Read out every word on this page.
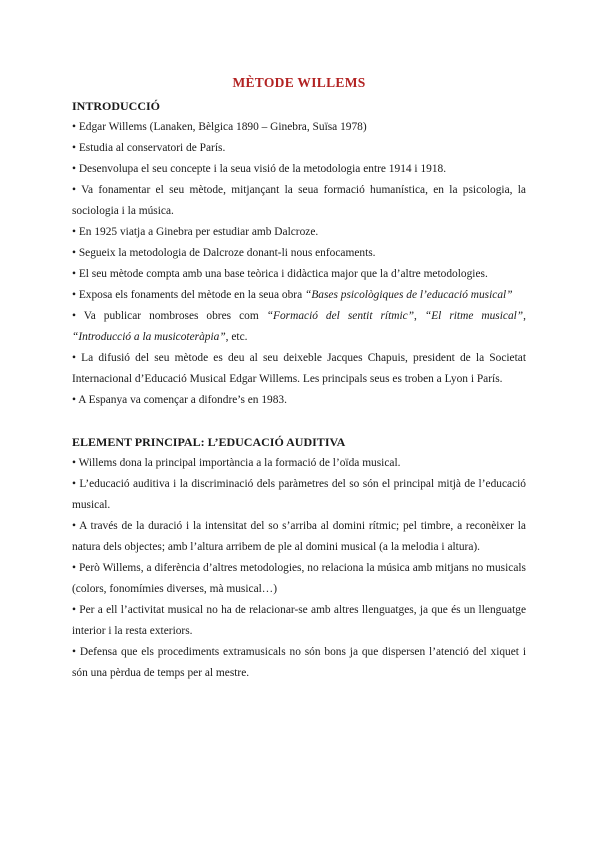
MÈTODE WILLEMS
INTRODUCCIÓ
• Edgar Willems (Lanaken, Bèlgica 1890 – Ginebra, Suïsa 1978)
• Estudia al conservatori de París.
• Desenvolupa el seu concepte i la seua visió de la metodologia entre 1914 i 1918.
• Va fonamentar el seu mètode, mitjançant la seua formació humanística, en la psicologia, la sociologia i la música.
• En 1925 viatja a Ginebra per estudiar amb Dalcroze.
• Segueix la metodologia de Dalcroze donant-li nous enfocaments.
• El seu mètode compta amb una base teòrica i didàctica major que la d’altre metodologies.
• Exposa els fonaments del mètode en la seua obra “Bases psicològiques de l’educació musical”
• Va publicar nombroses obres com “Formació del sentit rítmic”, “El ritme musical”, “Introducció a la musicoteràpia”, etc.
• La difusió del seu mètode es deu al seu deixeble Jacques Chapuis, president de la Societat Internacional d’Educació Musical Edgar Willems. Les principals seus es troben a Lyon i París.
• A Espanya va començar a difondre’s en 1983.
ELEMENT PRINCIPAL: L’EDUCACIÓ AUDITIVA
• Willems dona la principal importància a la formació de l’oïda musical.
• L’educació auditiva i la discriminació dels paràmetres del so són el principal mitjà de l’educació musical.
• A través de la duració i la intensitat del so s’arriba al domini rítmic; pel timbre, a reconèixer la natura dels objectes; amb l’altura arribem de ple al domini musical (a la melodia i altura).
• Però Willems, a diferència d’altres metodologies, no relaciona la música amb mitjans no musicals (colors, fonomímies diverses, mà musical…)
• Per a ell l’activitat musical no ha de relacionar-se amb altres llenguatges, ja que és un llenguatge interior i la resta exteriors.
• Defensa que els procediments extramusicals no són bons ja que dispersen l’atenció del xiquet i són una pèrdua de temps per al mestre.
